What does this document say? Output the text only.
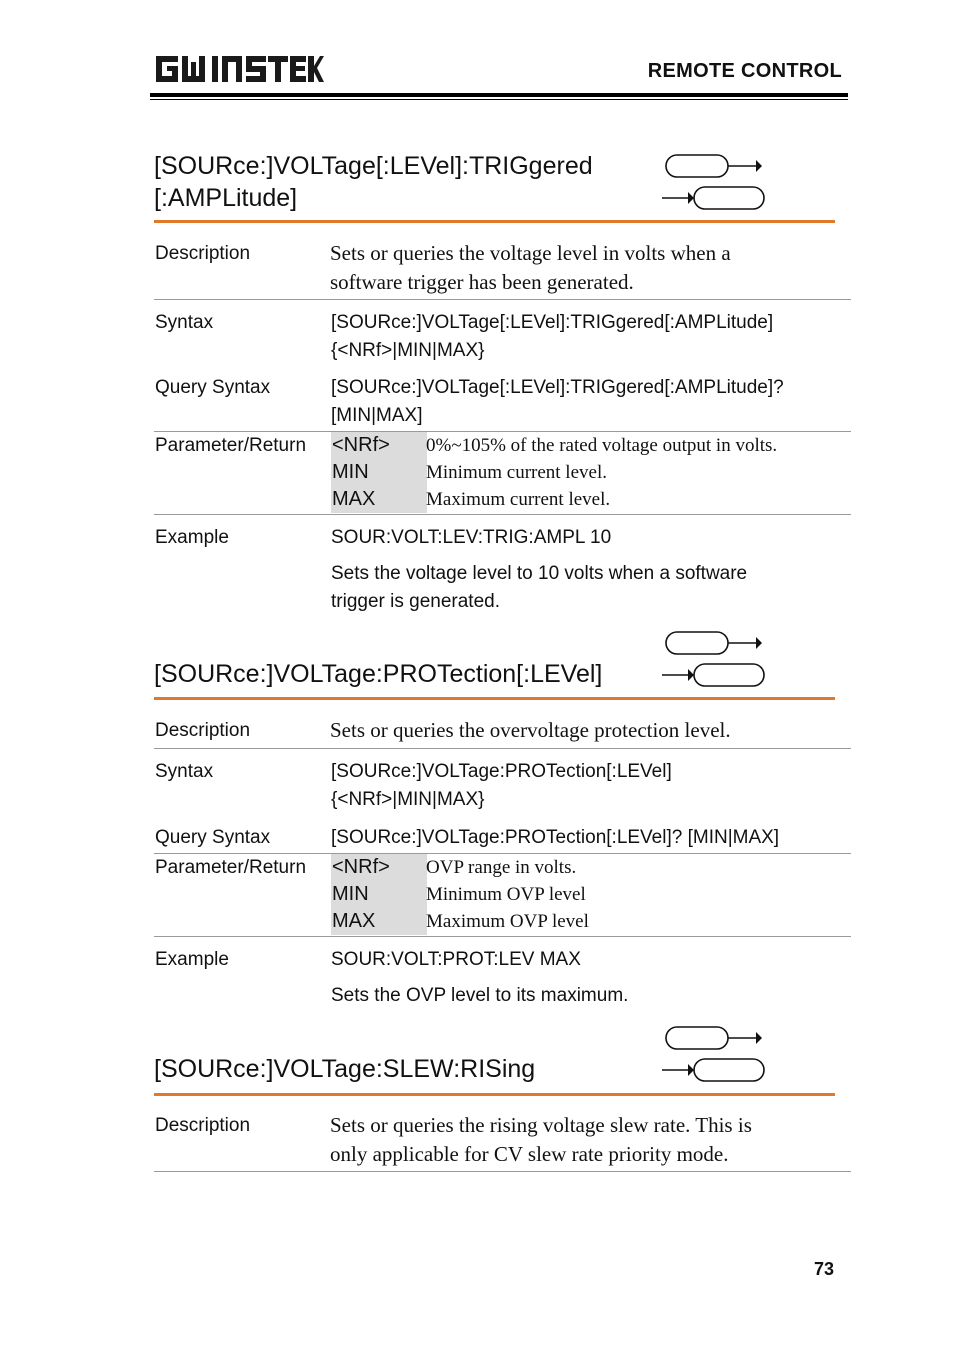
REMOTE CONTROL
[SOURce:]VOLTage[:LEVel]:TRIGgered
[:AMPLitude]
Description	Sets or queries the voltage level in volts when a
software trigger has been generated.
Syntax	[SOURce:]VOLTage[:LEVel]:TRIGgered[:AMPLitude]
{<NRf>|MIN|MAX}
Query Syntax	[SOURce:]VOLTage[:LEVel]:TRIGgered[:AMPLitude]?
[MIN|MAX]
Parameter/Return <NRf>	0%~105% of the rated voltage output in volts.
MIN	Minimum current level.
MAX	Maximum current level.
Example	SOUR:VOLT:LEV:TRIG:AMPL 10
Sets the voltage level to 10 volts when a software
trigger is generated.
[SOURce:]VOLTage:PROTection[:LEVel]
Description	Sets or queries the overvoltage protection level.
Syntax	[SOURce:]VOLTage:PROTection[:LEVel]
{<NRf>|MIN|MAX}
Query Syntax	[SOURce:]VOLTage:PROTection[:LEVel]? [MIN|MAX]
Parameter/Return <NRf>	OVP range in volts.
MIN	Minimum OVP level
MAX	Maximum OVP level
Example	SOUR:VOLT:PROT:LEV MAX
Sets the OVP level to its maximum.
[SOURce:]VOLTage:SLEW:RISing
Description	Sets or queries the rising voltage slew rate. This is
only applicable for CV slew rate priority mode.
73
